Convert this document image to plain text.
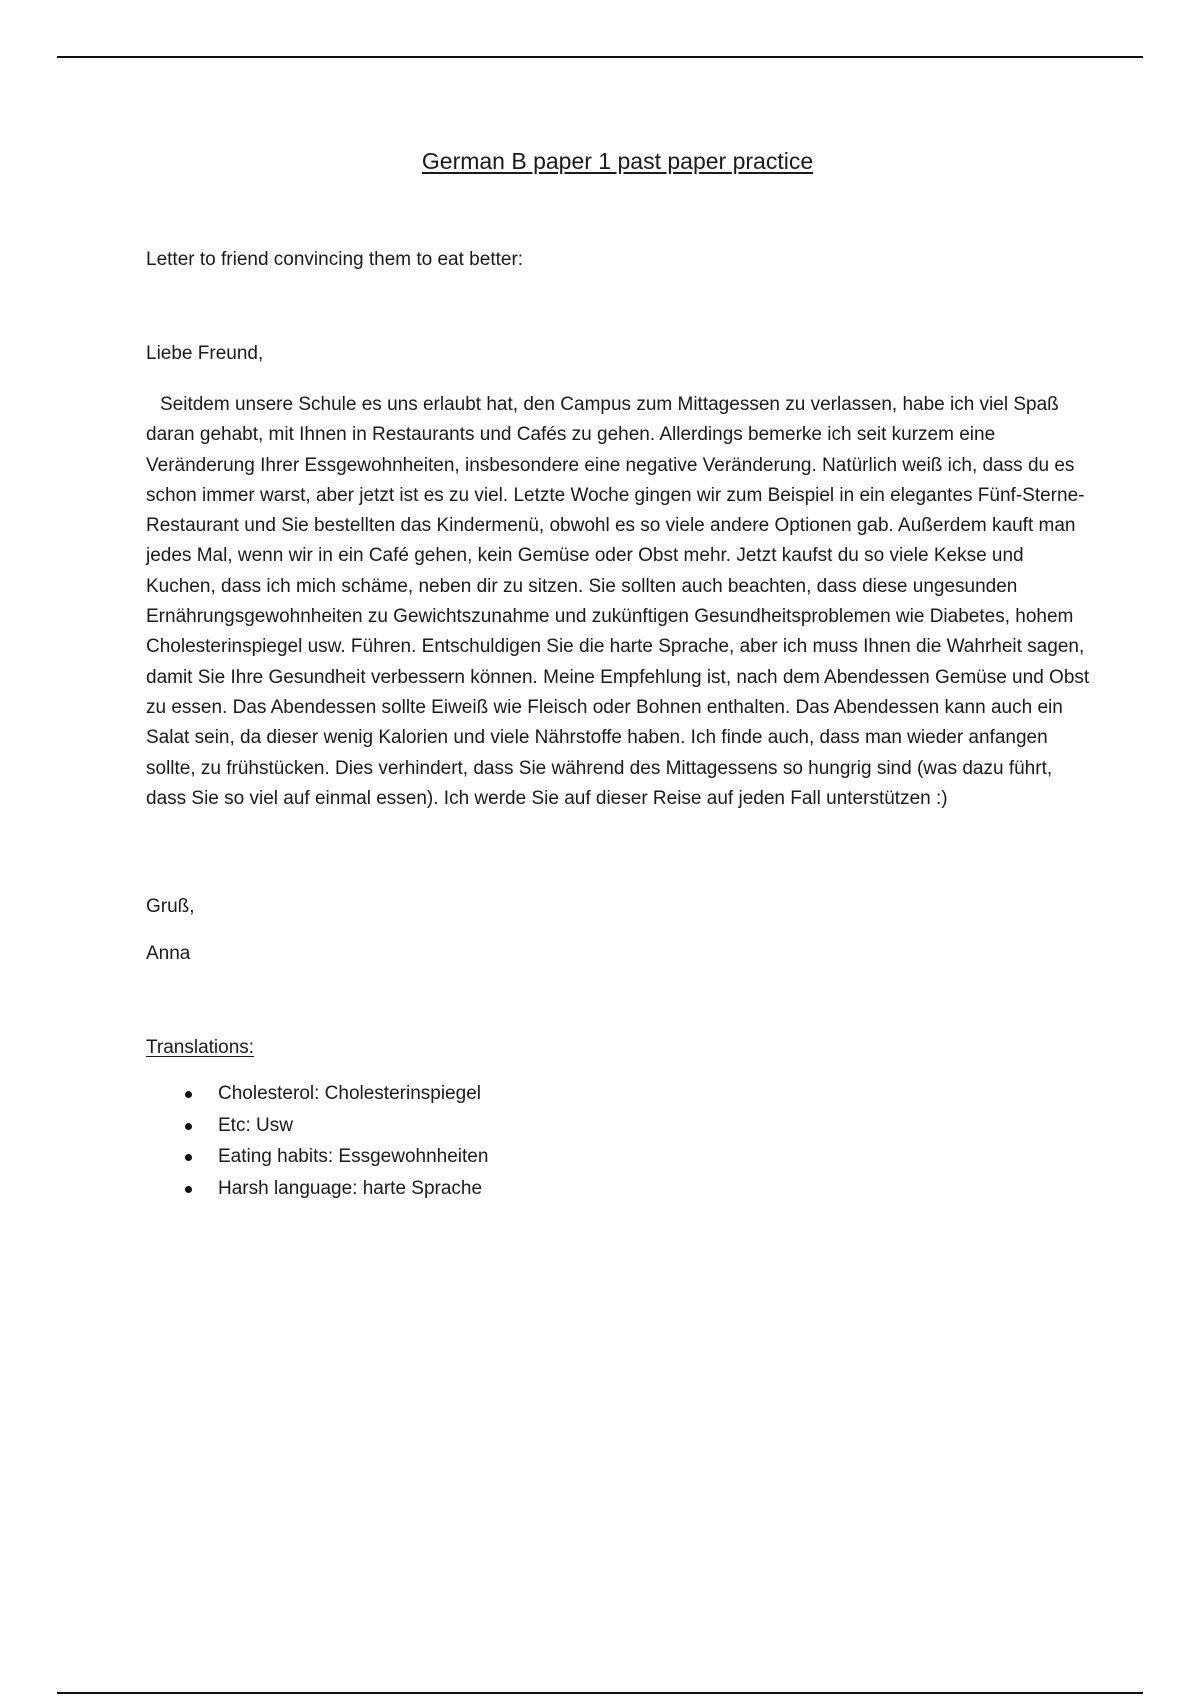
German B paper 1 past paper practice
Letter to friend convincing them to eat better:
Liebe Freund,

Seitdem unsere Schule es uns erlaubt hat, den Campus zum Mittagessen zu verlassen, habe ich viel Spaß daran gehabt, mit Ihnen in Restaurants und Cafés zu gehen. Allerdings bemerke ich seit kurzem eine Veränderung Ihrer Essgewohnheiten, insbesondere eine negative Veränderung. Natürlich weiß ich, dass du es schon immer warst, aber jetzt ist es zu viel. Letzte Woche gingen wir zum Beispiel in ein elegantes Fünf-Sterne-Restaurant und Sie bestellten das Kindermenü, obwohl es so viele andere Optionen gab. Außerdem kauft man jedes Mal, wenn wir in ein Café gehen, kein Gemüse oder Obst mehr. Jetzt kaufst du so viele Kekse und Kuchen, dass ich mich schäme, neben dir zu sitzen. Sie sollten auch beachten, dass diese ungesunden Ernährungsgewohnheiten zu Gewichtszunahme und zukünftigen Gesundheitsproblemen wie Diabetes, hohem Cholesterinspiegel usw. Führen. Entschuldigen Sie die harte Sprache, aber ich muss Ihnen die Wahrheit sagen, damit Sie Ihre Gesundheit verbessern können. Meine Empfehlung ist, nach dem Abendessen Gemüse und Obst zu essen. Das Abendessen sollte Eiweiß wie Fleisch oder Bohnen enthalten. Das Abendessen kann auch ein Salat sein, da dieser wenig Kalorien und viele Nährstoffe haben. Ich finde auch, dass man wieder anfangen sollte, zu frühstücken. Dies verhindert, dass Sie während des Mittagessens so hungrig sind (was dazu führt, dass Sie so viel auf einmal essen). Ich werde Sie auf dieser Reise auf jeden Fall unterstützen :)

Gruß,
Anna
Translations:
Cholesterol: Cholesterinspiegel
Etc: Usw
Eating habits: Essgewohnheiten
Harsh language: harte Sprache
